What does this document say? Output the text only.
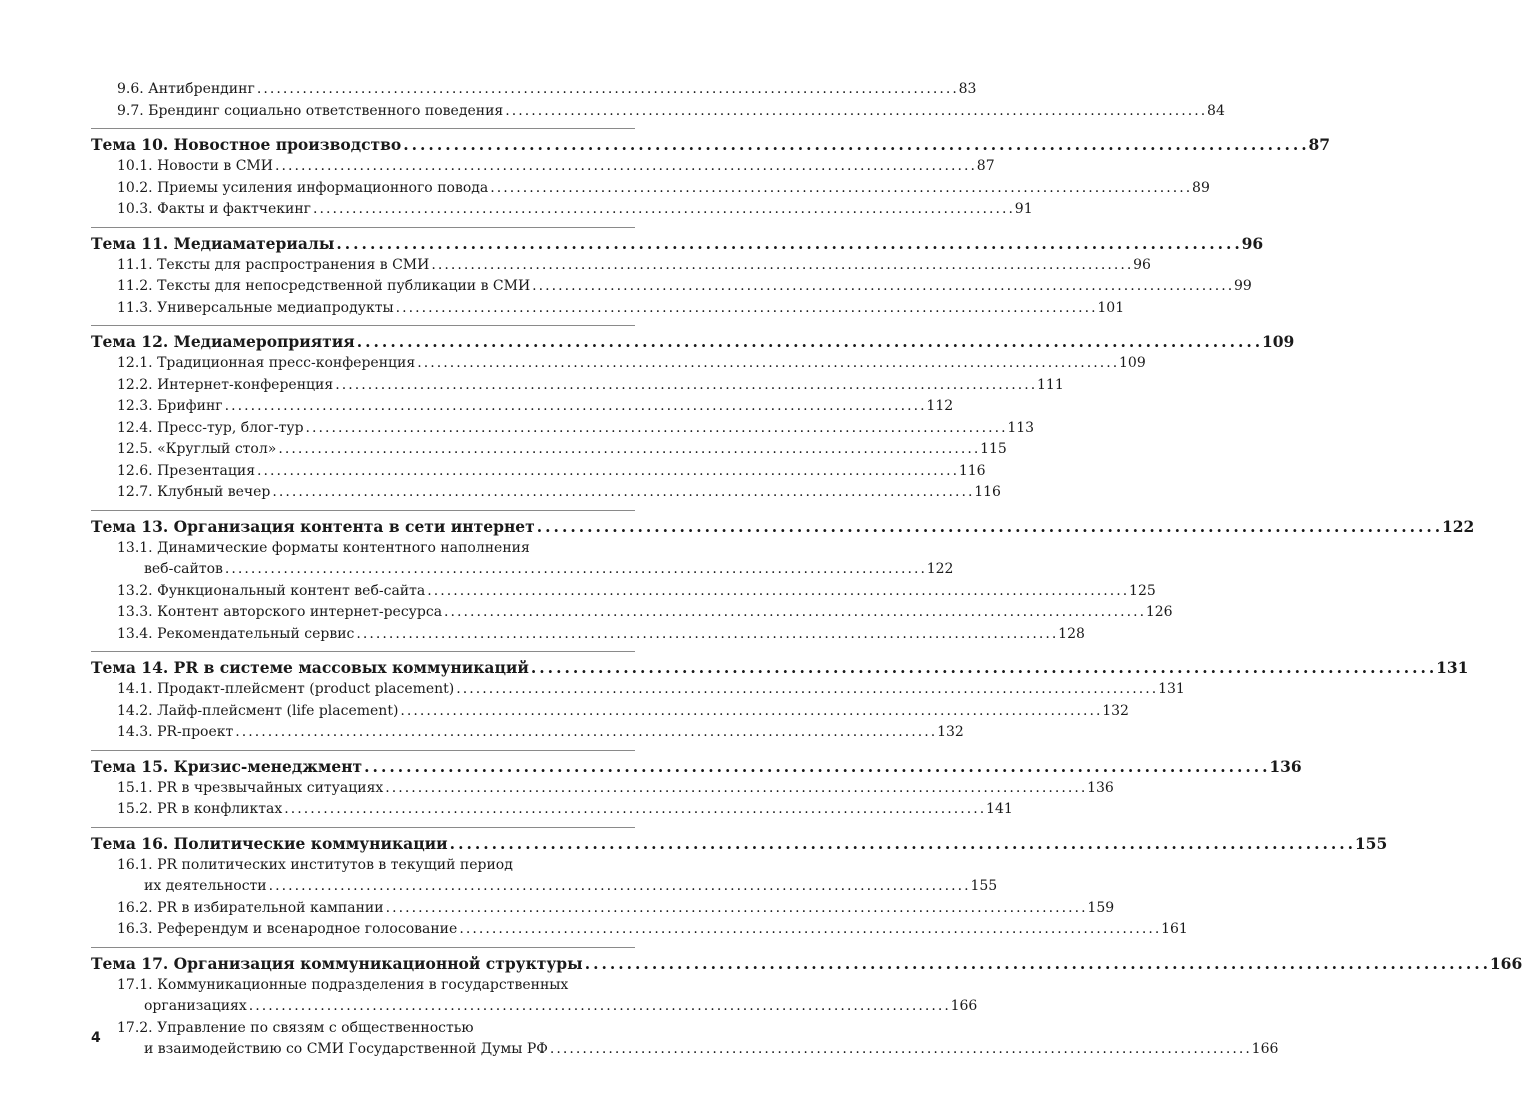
9.6. Антибрендинг . . .	83
9.7. Брендинг социально ответственного поведения . . .	84
Тема 10. Новостное производство . . .	87
10.1. Новости в СМИ . . .	87
10.2. Приемы усиления информационного повода . . .	89
10.3. Факты и фактчекинг . . .	91
Тема 11. Медиаматериалы . . .	96
11.1. Тексты для распространения в СМИ . . .	96
11.2. Тексты для непосредственной публикации в СМИ . . .	99
11.3. Универсальные медиапродукты . . .	101
Тема 12. Медиамероприятия . . .	109
12.1. Традиционная пресс-конференция . . .	109
12.2. Интернет-конференция . . .	111
12.3. Брифинг . . .	112
12.4. Пресс-тур, блог-тур . . .	113
12.5. «Круглый стол» . . .	115
12.6. Презентация . . .	116
12.7. Клубный вечер . . .	116
Тема 13. Организация контента в сети интернет . . .	122
13.1. Динамические форматы контентного наполнения
веб-сайтов . . .	122
13.2. Функциональный контент веб-сайта . . .	125
13.3. Контент авторского интернет-ресурса . . .	126
13.4. Рекомендательный сервис . . .	128
Тема 14. PR в системе массовых коммуникаций . . .	131
14.1. Продакт-плейсмент (product placement) . . .	131
14.2. Лайф-плейсмент (life placement) . . .	132
14.3. PR-проект . . .	132
Тема 15. Кризис-менеджмент . . .	136
15.1. PR в чрезвычайных ситуациях . . .	136
15.2. PR в конфликтах . . .	141
Тема 16. Политические коммуникации . . .	155
16.1. PR политических институтов в текущий период
их деятельности . . .	155
16.2. PR в избирательной кампании . . .	159
16.3. Референдум и всенародное голосование . . .	161
Тема 17. Организация коммуникационной структуры . . .	166
17.1. Коммуникационные подразделения в государственных
организациях . . .	166
17.2. Управление по связям с общественностью
и взаимодействию со СМИ Государственной Думы РФ . . .	166
4
